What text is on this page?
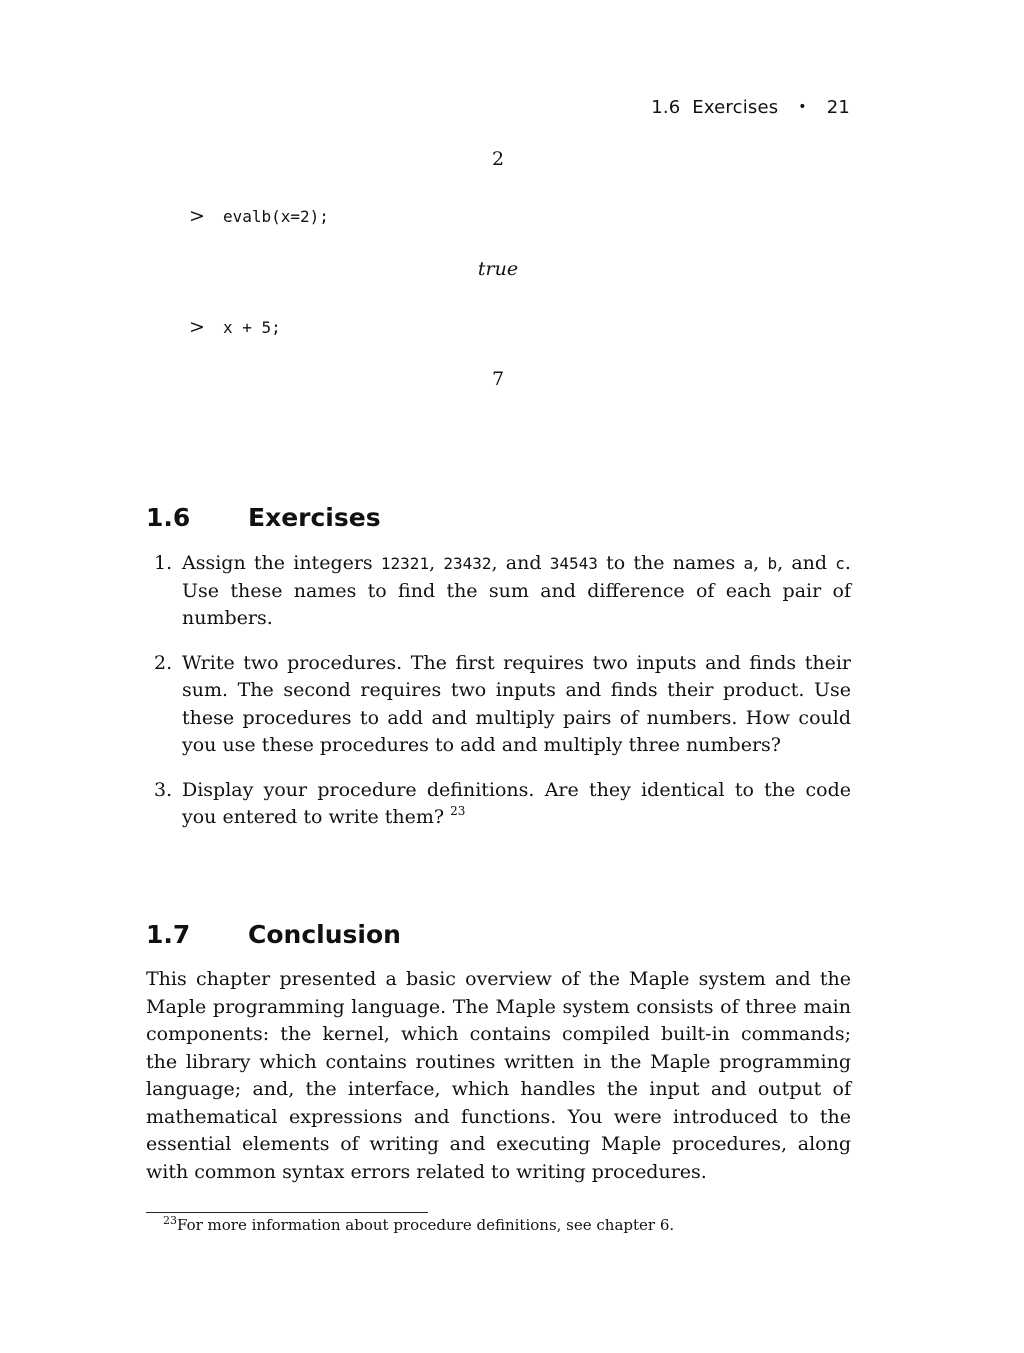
1.6 Exercises • 21
2
> evalb(x=2);
true
> x + 5;
7
1.6 Exercises
1. Assign the integers 12321, 23432, and 34543 to the names a, b, and c. Use these names to find the sum and difference of each pair of numbers.
2. Write two procedures. The first requires two inputs and finds their sum. The second requires two inputs and finds their product. Use these procedures to add and multiply pairs of numbers. How could you use these procedures to add and multiply three numbers?
3. Display your procedure definitions. Are they identical to the code you entered to write them? $^{23}$
1.7 Conclusion

This chapter presented a basic overview of the Maple system and the Maple programming language. The Maple system consists of three main components: the kernel, which contains compiled built-in commands; the library which contains routines written in the Maple programming language; and, the interface, which handles the input and output of mathematical expressions and functions. You were introduced to the essential elements of writing and executing Maple procedures, along with common syntax errors related to writing procedures.

$^{23}$For more information about procedure definitions, see chapter 6.
